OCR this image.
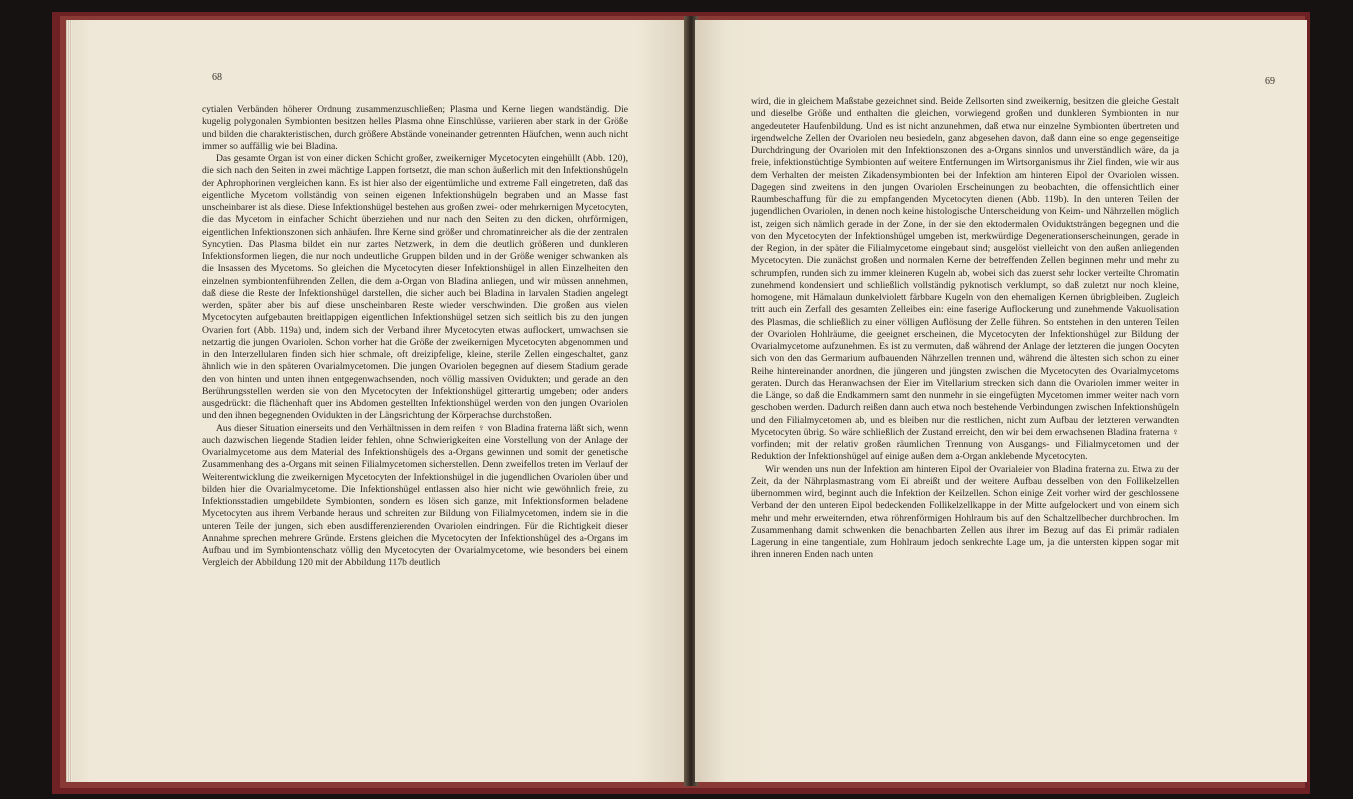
68

cytialen Verbänden höherer Ordnung zusammenzuschließen; Plasma und Kerne liegen wandständig. Die kugelig polygonalen Symbionten besitzen helles Plasma ohne Einschlüsse, variieren aber stark in der Größe und bilden die charakteristischen, durch größere Abstände voneinander getrennten Häufchen, wenn auch nicht immer so auffällig wie bei Bladina.

Das gesamte Organ ist von einer dicken Schicht großer, zweikerniger Mycetocyten eingehüllt (Abb. 120), die sich nach den Seiten in zwei mächtige Lappen fortsetzt, die man schon äußerlich mit den Infektionshügeln der Aphrophorinen vergleichen kann. Es ist hier also der eigentümliche und extreme Fall eingetreten, daß das eigentliche Mycetom vollständig von seinen eigenen Infektionshügeln begraben und an Masse fast unscheinbarer ist als diese. Diese Infektionshügel bestehen aus großen zwei- oder mehrkernigen Mycetocyten, die das Mycetom in einfacher Schicht überziehen und nur nach den Seiten zu den dicken, ohrförmigen, eigentlichen Infektionszonen sich anhäufen. Ihre Kerne sind größer und chromatinreicher als die der zentralen Syncytien. Das Plasma bildet ein nur zartes Netzwerk, in dem die deutlich größeren und dunkleren Infektionsformen liegen, die nur noch undeutliche Gruppen bilden und in der Größe weniger schwanken als die Insassen des Mycetoms. So gleichen die Mycetocyten dieser Infektionshügel in allen Einzelheiten den einzelnen symbiontenführenden Zellen, die dem a-Organ von Bladina anliegen, und wir müssen annehmen, daß diese die Reste der Infektionshügel darstellen, die sicher auch bei Bladina in larvalen Stadien angelegt werden, später aber bis auf diese unscheinbaren Reste wieder verschwinden. Die großen aus vielen Mycetocyten aufgebauten breitlappigen eigentlichen Infektionshügel setzen sich seitlich bis zu den jungen Ovarien fort (Abb. 119a) und, indem sich der Verband ihrer Mycetocyten etwas auflockert, umwachsen sie netzartig die jungen Ovariolen. Schon vorher hat die Größe der zweikernigen Mycetocyten abgenommen und in den Interzellularen finden sich hier schmale, oft dreizipfelige, kleine, sterile Zellen eingeschaltet, ganz ähnlich wie in den späteren Ovarialmycetomen. Die jungen Ovariolen begegnen auf diesem Stadium gerade den von hinten und unten ihnen entgegenwachsenden, noch völlig massiven Ovidukten; und gerade an den Berührungsstellen werden sie von den Mycetocyten der Infektionshügel gitterartig umgeben; oder anders ausgedrückt: die flächenhaft quer ins Abdomen gestellten Infektionshügel werden von den jungen Ovariolen und den ihnen begegnenden Ovidukten in der Längsrichtung der Körperachse durchstoßen.

Aus dieser Situation einerseits und den Verhältnissen in dem reifen ♀ von Bladina fraterna läßt sich, wenn auch dazwischen liegende Stadien leider fehlen, ohne Schwierigkeiten eine Vorstellung von der Anlage der Ovarialmycetome aus dem Material des Infektionshügels des a-Organs gewinnen und somit der genetische Zusammenhang des a-Organs mit seinen Filialmycetomen sicherstellen. Denn zweifellos treten im Verlauf der Weiterentwicklung die zweikernigen Mycetocyten der Infektionshügel in die jugendlichen Ovariolen über und bilden hier die Ovarialmycetome. Die Infektionshügel entlassen also hier nicht wie gewöhnlich freie, zu Infektionsstadien umgebildete Symbionten, sondern es lösen sich ganze, mit Infektionsformen beladene Mycetocyten aus ihrem Verbande heraus und schreiten zur Bildung von Filialmycetomen, indem sie in die unteren Teile der jungen, sich eben ausdifferenzierenden Ovariolen eindringen. Für die Richtigkeit dieser Annahme sprechen mehrere Gründe. Erstens gleichen die Mycetocyten der Infektionshügel des a-Organs im Aufbau und im Symbiontenschatz völlig den Mycetocyten der Ovarialmycetome, wie besonders bei einem Vergleich der Abbildung 120 mit der Abbildung 117b deutlich

69

wird, die in gleichem Maßstabe gezeichnet sind. Beide Zellsorten sind zweikernig, besitzen die gleiche Gestalt und dieselbe Größe und enthalten die gleichen, vorwiegend großen und dunkleren Symbionten in nur angedeuteter Haufenbildung. Und es ist nicht anzunehmen, daß etwa nur einzelne Symbionten übertreten und irgendwelche Zellen der Ovariolen neu besiedeln, ganz abgesehen davon, daß dann eine so enge gegenseitige Durchdringung der Ovariolen mit den Infektionszonen des a-Organs sinnlos und unverständlich wäre, da ja freie, infektionstüchtige Symbionten auf weitere Entfernungen im Wirtsorganismus ihr Ziel finden, wie wir aus dem Verhalten der meisten Zikadensymbionten bei der Infektion am hinteren Eipol der Ovariolen wissen. Dagegen sind zweitens in den jungen Ovariolen Erscheinungen zu beobachten, die offensichtlich einer Raumbeschaffung für die zu empfangenden Mycetocyten dienen (Abb. 119b). In den unteren Teilen der jugendlichen Ovariolen, in denen noch keine histologische Unterscheidung von Keim- und Nährzellen möglich ist, zeigen sich nämlich gerade in der Zone, in der sie den ektodermalen Oviduktsträngen begegnen und die von den Mycetocyten der Infektionshügel umgeben ist, merkwürdige Degenerationserscheinungen, gerade in der Region, in der später die Filialmycetome eingebaut sind; ausgelöst vielleicht von den außen anliegenden Mycetocyten. Die zunächst großen und normalen Kerne der betreffenden Zellen beginnen mehr und mehr zu schrumpfen, runden sich zu immer kleineren Kugeln ab, wobei sich das zuerst sehr locker verteilte Chromatin zunehmend kondensiert und schließlich vollständig pyknotisch verklumpt, so daß zuletzt nur noch kleine, homogene, mit Hämalaun dunkelviolett färbbare Kugeln von den ehemaligen Kernen übrigbleiben. Zugleich tritt auch ein Zerfall des gesamten Zelleibes ein: eine faserige Auflockerung und zunehmende Vakuolisation des Plasmas, die schließlich zu einer völligen Auflösung der Zelle führen. So entstehen in den unteren Teilen der Ovariolen Hohlräume, die geeignet erscheinen, die Mycetocyten der Infektionshügel zur Bildung der Ovarialmycetome aufzunehmen. Es ist zu vermuten, daß während der Anlage der letzteren die jungen Oocyten sich von den das Germarium aufbauenden Nährzellen trennen und, während die ältesten sich schon zu einer Reihe hintereinander anordnen, die jüngeren und jüngsten zwischen die Mycetocyten des Ovarialmycetoms geraten. Durch das Heranwachsen der Eier im Vitellarium strecken sich dann die Ovariolen immer weiter in die Länge, so daß die Endkammern samt den nunmehr in sie eingefügten Mycetomen immer weiter nach vorn geschoben werden. Dadurch reißen dann auch etwa noch bestehende Verbindungen zwischen Infektionshügeln und den Filialmycetomen ab, und es bleiben nur die restlichen, nicht zum Aufbau der letzteren verwandten Mycetocyten übrig. So wäre schließlich der Zustand erreicht, den wir bei dem erwachsenen Bladina fraterna ♀ vorfinden; mit der relativ großen räumlichen Trennung von Ausgangs- und Filialmycetomen und der Reduktion der Infektionshügel auf einige außen dem a-Organ anklebende Mycetocyten.

Wir wenden uns nun der Infektion am hinteren Eipol der Ovarialeier von Bladina fraterna zu. Etwa zu der Zeit, da der Nährplasmastrang vom Ei abreißt und der weitere Aufbau desselben von den Follikelzellen übernommen wird, beginnt auch die Infektion der Keilzellen. Schon einige Zeit vorher wird der geschlossene Verband der den unteren Eipol bedeckenden Follikelzellkappe in der Mitte aufgelockert und von einem sich mehr und mehr erweiternden, etwa röhrenförmigen Hohlraum bis auf den Schaltzellbecher durchbrochen. Im Zusammenhang damit schwenken die benachbarten Zellen aus ihrer im Bezug auf das Ei primär radialen Lagerung in eine tangentiale, zum Hohlraum jedoch senkrechte Lage um, ja die untersten kippen sogar mit ihren inneren Enden nach unten
